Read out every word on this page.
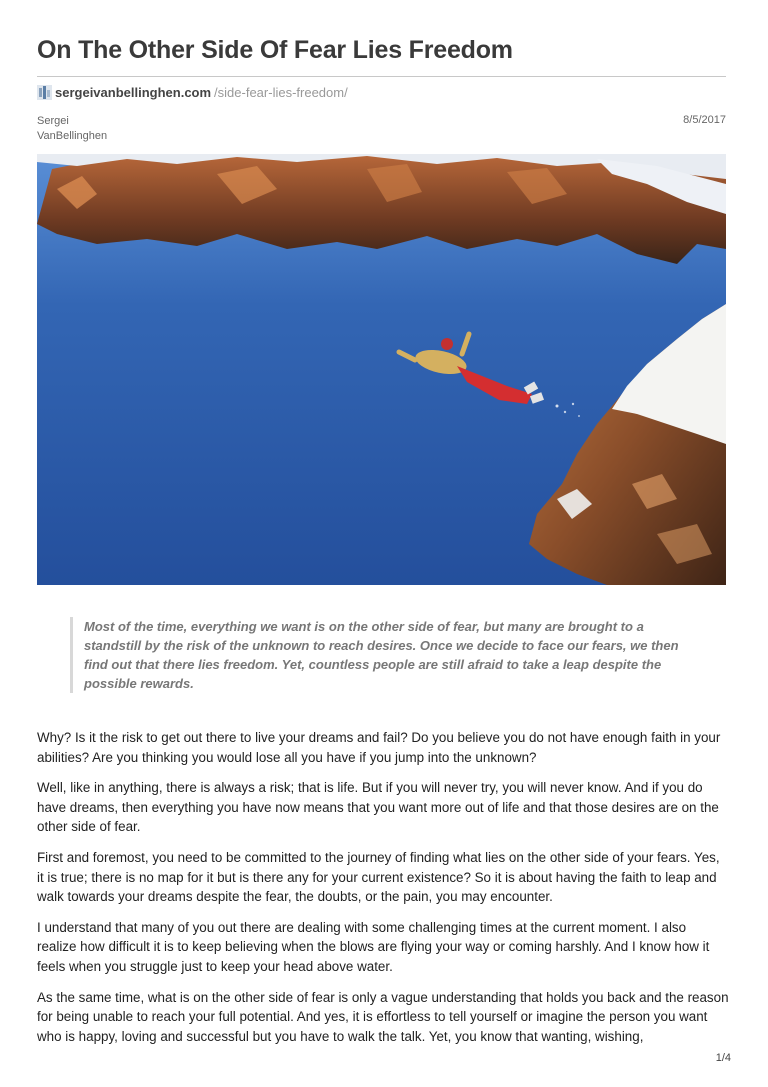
On The Other Side Of Fear Lies Freedom
sergeivanbellinghen.com /side-fear-lies-freedom/
Sergei
VanBellinghen
8/5/2017
Most of the time, everything we want is on the other side of fear, but many are brought to a standstill by the risk of the unknown to reach desires. Once we decide to face our fears, we then find out that there lies freedom. Yet, countless people are still afraid to take a leap despite the possible rewards.

Why? Is it the risk to get out there to live your dreams and fail? Do you believe you do not have enough faith in your abilities? Are you thinking you would lose all you have if you jump into the unknown?

Well, like in anything, there is always a risk; that is life. But if you will never try, you will never know. And if you do have dreams, then everything you have now means that you want more out of life and that those desires are on the other side of fear.

First and foremost, you need to be committed to the journey of finding what lies on the other side of your fears. Yes, it is true; there is no map for it but is there any for your current existence? So it is about having the faith to leap and walk towards your dreams despite the fear, the doubts, or the pain, you may encounter.

I understand that many of you out there are dealing with some challenging times at the current moment. I also realize how difficult it is to keep believing when the blows are flying your way or coming harshly. And I know how it feels when you struggle just to keep your head above water.

As the same time, what is on the other side of fear is only a vague understanding that holds you back and the reason for being unable to reach your full potential. And yes, it is effortless to tell yourself or imagine the person you want who is happy, loving and successful but you have to walk the talk. Yet, you know that wanting, wishing,

1/4
